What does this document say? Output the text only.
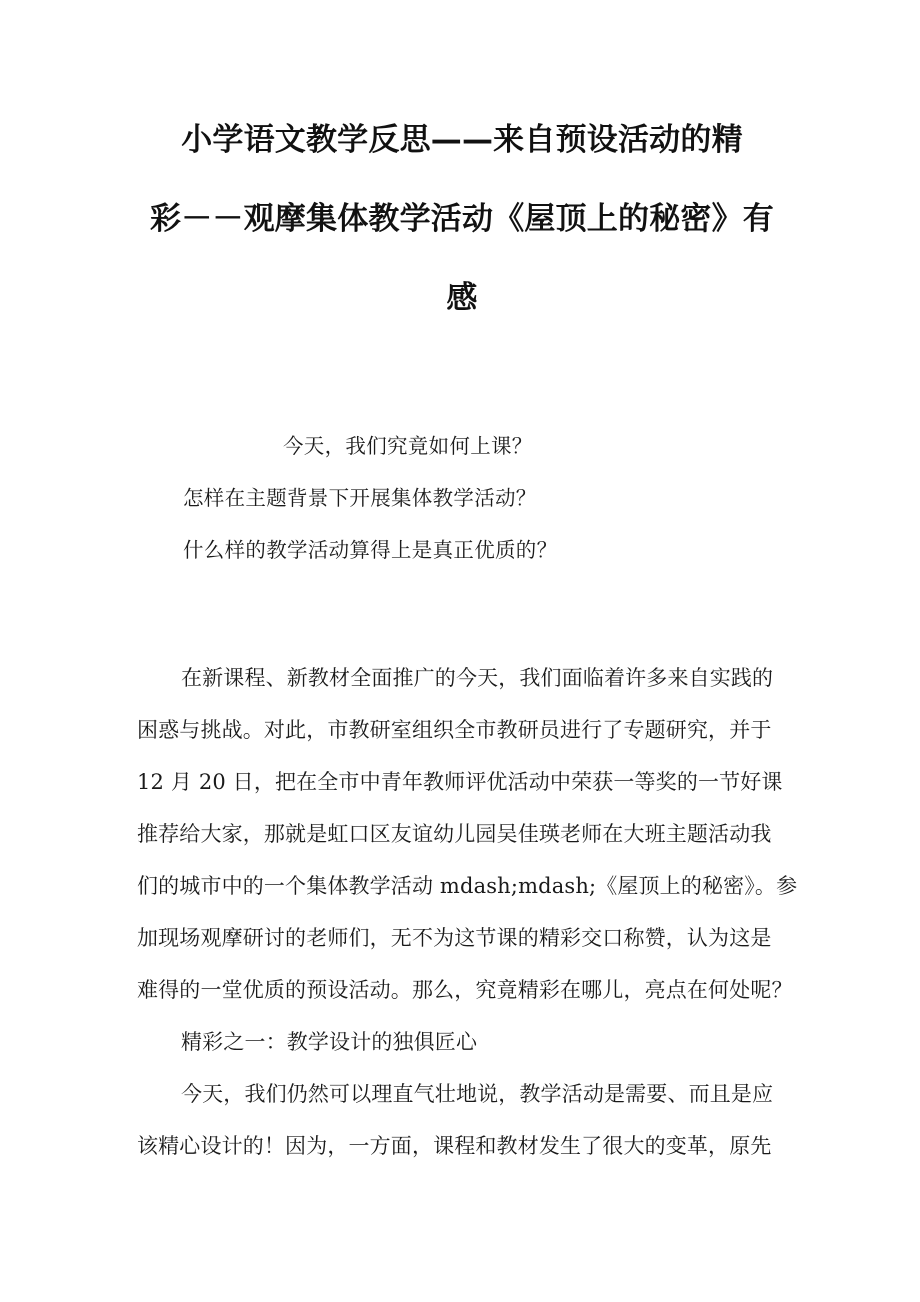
小学语文教学反思——来自预设活动的精
彩－－观摩集体教学活动《屋顶上的秘密》有
感
今天，我们究竟如何上课？
怎样在主题背景下开展集体教学活动？
什么样的教学活动算得上是真正优质的？

在新课程、新教材全面推广的今天，我们面临着许多来自实践的
困惑与挑战。对此，市教研室组织全市教研员进行了专题研究，并于
12 月 20 日，把在全市中青年教师评优活动中荣获一等奖的一节好课
推荐给大家，那就是虹口区友谊幼儿园吴佳瑛老师在大班主题活动我
们的城市中的一个集体教学活动 mdash;mdash;《屋顶上的秘密》。参
加现场观摩研讨的老师们，无不为这节课的精彩交口称赞，认为这是
难得的一堂优质的预设活动。那么，究竟精彩在哪儿，亮点在何处呢？

精彩之一：教学设计的独俱匠心

今天，我们仍然可以理直气壮地说，教学活动是需要、而且是应
该精心设计的！因为，一方面，课程和教材发生了很大的变革，原先
